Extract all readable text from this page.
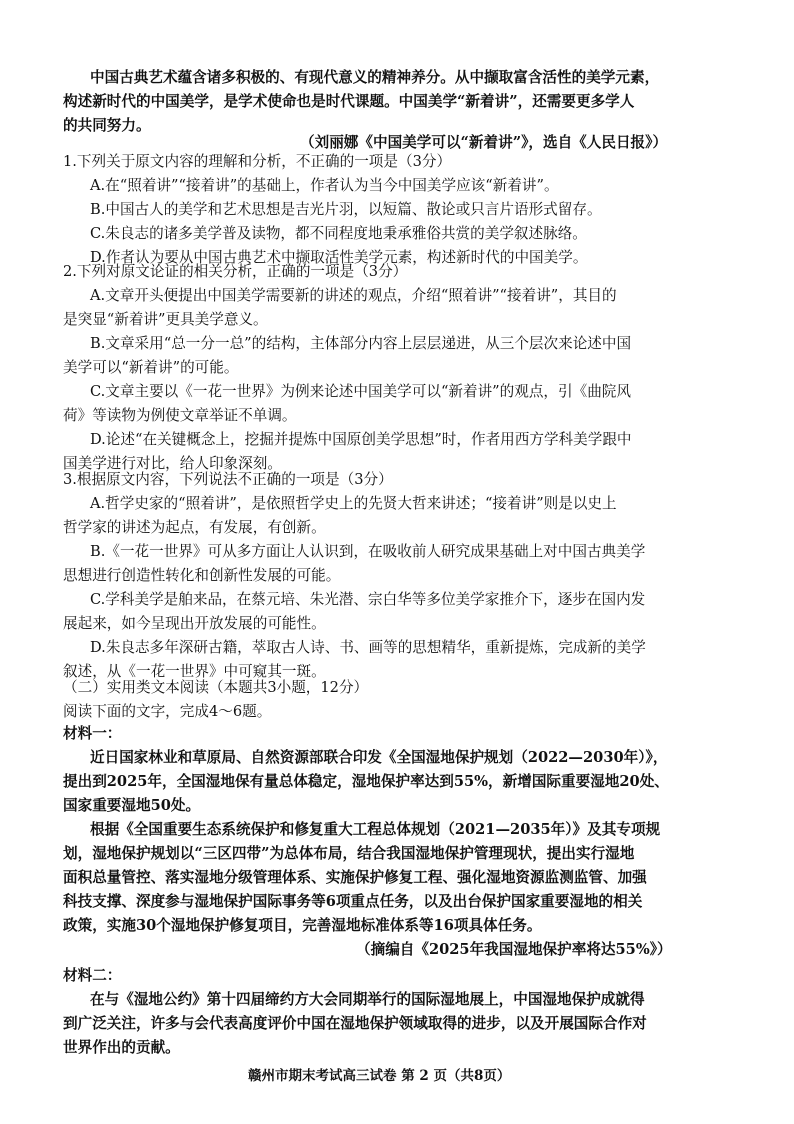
中国古典艺术蕴含诸多积极的、有现代意义的精神养分。从中撷取富含活性的美学元素，
构述新时代的中国美学，是学术使命也是时代课题。中国美学“新着讲”，还需要更多学人
的共同努力。
（刘丽娜《中国美学可以“新着讲”》，选自《人民日报》）
1.下列关于原文内容的理解和分析，不正确的一项是（3分）
A.在“照着讲”“接着讲”的基础上，作者认为当今中国美学应该“新着讲”。
B.中国古人的美学和艺术思想是吉光片羽，以短篇、散论或只言片语形式留存。
C.朱良志的诸多美学普及读物，都不同程度地秉承雅俗共赏的美学叙述脉络。
D.作者认为要从中国古典艺术中撷取活性美学元素，构述新时代的中国美学。
2.下列对原文论证的相关分析，正确的一项是（3分）
A.文章开头便提出中国美学需要新的讲述的观点，介绍“照着讲”“接着讲”，其目的
是突显“新着讲”更具美学意义。
B.文章采用“总一分一总”的结构，主体部分内容上层层递进，从三个层次来论述中国
美学可以“新着讲”的可能。
C.文章主要以《一花一世界》为例来论述中国美学可以“新着讲”的观点，引《曲院风
荷》等读物为例使文章举证不单调。
D.论述“在关键概念上，挖掘并提炼中国原创美学思想”时，作者用西方学科美学跟中
国美学进行对比，给人印象深刻。
3.根据原文内容，下列说法不正确的一项是（3分）
A.哲学史家的“照着讲”，是依照哲学史上的先贤大哲来讲述；“接着讲”则是以史上
哲学家的讲述为起点，有发展，有创新。
B.《一花一世界》可从多方面让人认识到，在吸收前人研究成果基础上对中国古典美学
思想进行创造性转化和创新性发展的可能。
C.学科美学是舶来品，在蔡元培、朱光潜、宗白华等多位美学家推介下，逐步在国内发
展起来，如今呈现出开放发展的可能性。
D.朱良志多年深研古籍，萃取古人诗、书、画等的思想精华，重新提炼，完成新的美学
叙述，从《一花一世界》中可窥其一斑。
（二）实用类文本阅读（本题共3小题，12分）
阅读下面的文字，完成4～6题。
材料一：
近日国家林业和草原局、自然资源部联合印发《全国湿地保护规划（2022—2030年）》，
提出到2025年，全国湿地保有量总体稳定，湿地保护率达到55%，新增国际重要湿地20处、
国家重要湿地50处。
根据《全国重要生态系统保护和修复重大工程总体规划（2021—2035年）》及其专项规
划，湿地保护规划以“三区四带”为总体布局，结合我国湿地保护管理现状，提出实行湿地
面积总量管控、落实湿地分级管理体系、实施保护修复工程、强化湿地资源监测监管、加强
科技支撑、深度参与湿地保护国际事务等6项重点任务，以及出台保护国家重要湿地的相关
政策，实施30个湿地保护修复项目，完善湿地标准体系等16项具体任务。
（摘编自《2025年我国湿地保护率将达55%》）
材料二：
在与《湿地公约》第十四届缔约方大会同期举行的国际湿地展上，中国湿地保护成就得
到广泛关注，许多与会代表高度评价中国在湿地保护领域取得的进步，以及开展国际合作对
世界作出的贡献。
赣州市期末考试高三试卷 第 2 页（共8页）
